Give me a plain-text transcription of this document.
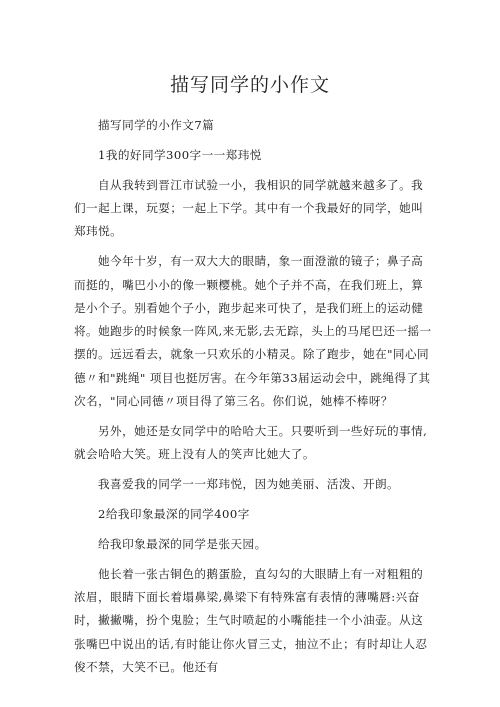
描写同学的小作文

描写同学的小作文7篇

1我的好同学300字一一郑玮悦

自从我转到晋江市试验一小，我相识的同学就越来越多了。我们一起上课，玩耍；一起上下学。其中有一个我最好的同学，她叫郑玮悦。

她今年十岁，有一双大大的眼睛，象一面澄澈的镜子；鼻子高而挺的，嘴巴小小的像一颗樱桃。她个子并不高，在我们班上，算是小个子。别看她个子小，跑步起来可快了，是我们班上的运动健将。她跑步的时候象一阵风,来无影,去无踪，头上的马尾巴还一摇一摆的。远远看去，就象一只欢乐的小精灵。除了跑步，她在"同心同德〃和"跳绳" 项目也挺厉害。在今年第33届运动会中，跳绳得了其次名，"同心同德〃项目得了第三名。你们说，她棒不棒呀？

另外，她还是女同学中的哈哈大王。只要听到一些好玩的事情,就会哈哈大笑。班上没有人的笑声比她大了。

我喜爱我的同学一一郑玮悦，因为她美丽、活泼、开朗。

2给我印象最深的同学400字

给我印象最深的同学是张天园。

他长着一张古铜色的鹅蛋脸，直勾勾的大眼睛上有一对粗粗的浓眉，眼睛下面长着塌鼻梁,鼻梁下有特殊富有表情的薄嘴唇:兴奋时，撇撇嘴，扮个鬼脸；生气时喷起的小嘴能挂一个小油壶。从这张嘴巴中说出的话,有时能让你火冒三丈，抽泣不止；有时却让人忍俊不禁，大笑不已。他还有
